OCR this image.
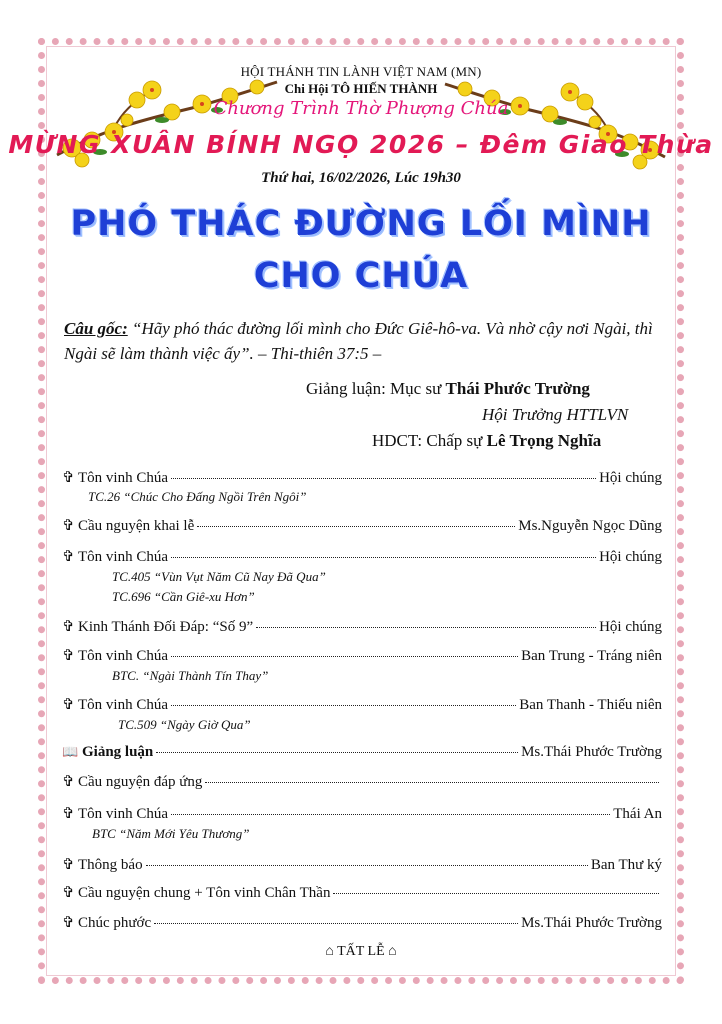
HỘI THÁNH TIN LÀNH VIỆT NAM (MN)
Chi Hội TÔ HIẾN THÀNH
Chương Trình Thờ Phượng Chúa
MỪNG XUÂN BÍNH NGỌ 2026 – Đêm Giao Thừa
Thứ hai, 16/02/2026, Lúc 19h30
PHÓ THÁC ĐƯỜNG LỐI MÌNH
CHO CHÚA
Câu gốc: “Hãy phó thác đường lối mình cho Đức Giê-hô-va. Và nhờ cậy nơi Ngài, thì Ngài sẽ làm thành việc ấy”. – Thi-thiên 37:5 –
Giảng luận: Mục sư Thái Phước Trường
Hội Trưởng HTTLVN
HDCT: Chấp sự Lê Trọng Nghĩa
✞ Tôn vinh Chúa	Hội chúng
TC.26 “Chúc Cho Đấng Ngồi Trên Ngôi”
✞ Cầu nguyện khai lễ	Ms.Nguyễn Ngọc Dũng
✞ Tôn vinh Chúa	Hội chúng
TC.405 “Vùn Vụt Năm Cũ Nay Đã Qua”
TC.696 “Cần Giê-xu Hơn”
✞ Kinh Thánh Đối Đáp: “Số 9”	Hội chúng
✞ Tôn vinh Chúa	Ban Trung - Tráng niên
BTC. “Ngài Thành Tín Thay”
✞ Tôn vinh Chúa	Ban Thanh - Thiếu niên
TC.509 “Ngày Giờ Qua”
📖 Giảng luận	Ms.Thái Phước Trường
✞ Cầu nguyện đáp ứng
✞ Tôn vinh Chúa	Thái An
BTC “Năm Mới Yêu Thương”
✞ Thông báo	Ban Thư ký
✞ Cầu nguyện chung + Tôn vinh Chân Thần
✞ Chúc phước	Ms.Thái Phước Trường
⌂ TẤT LỄ ⌂
